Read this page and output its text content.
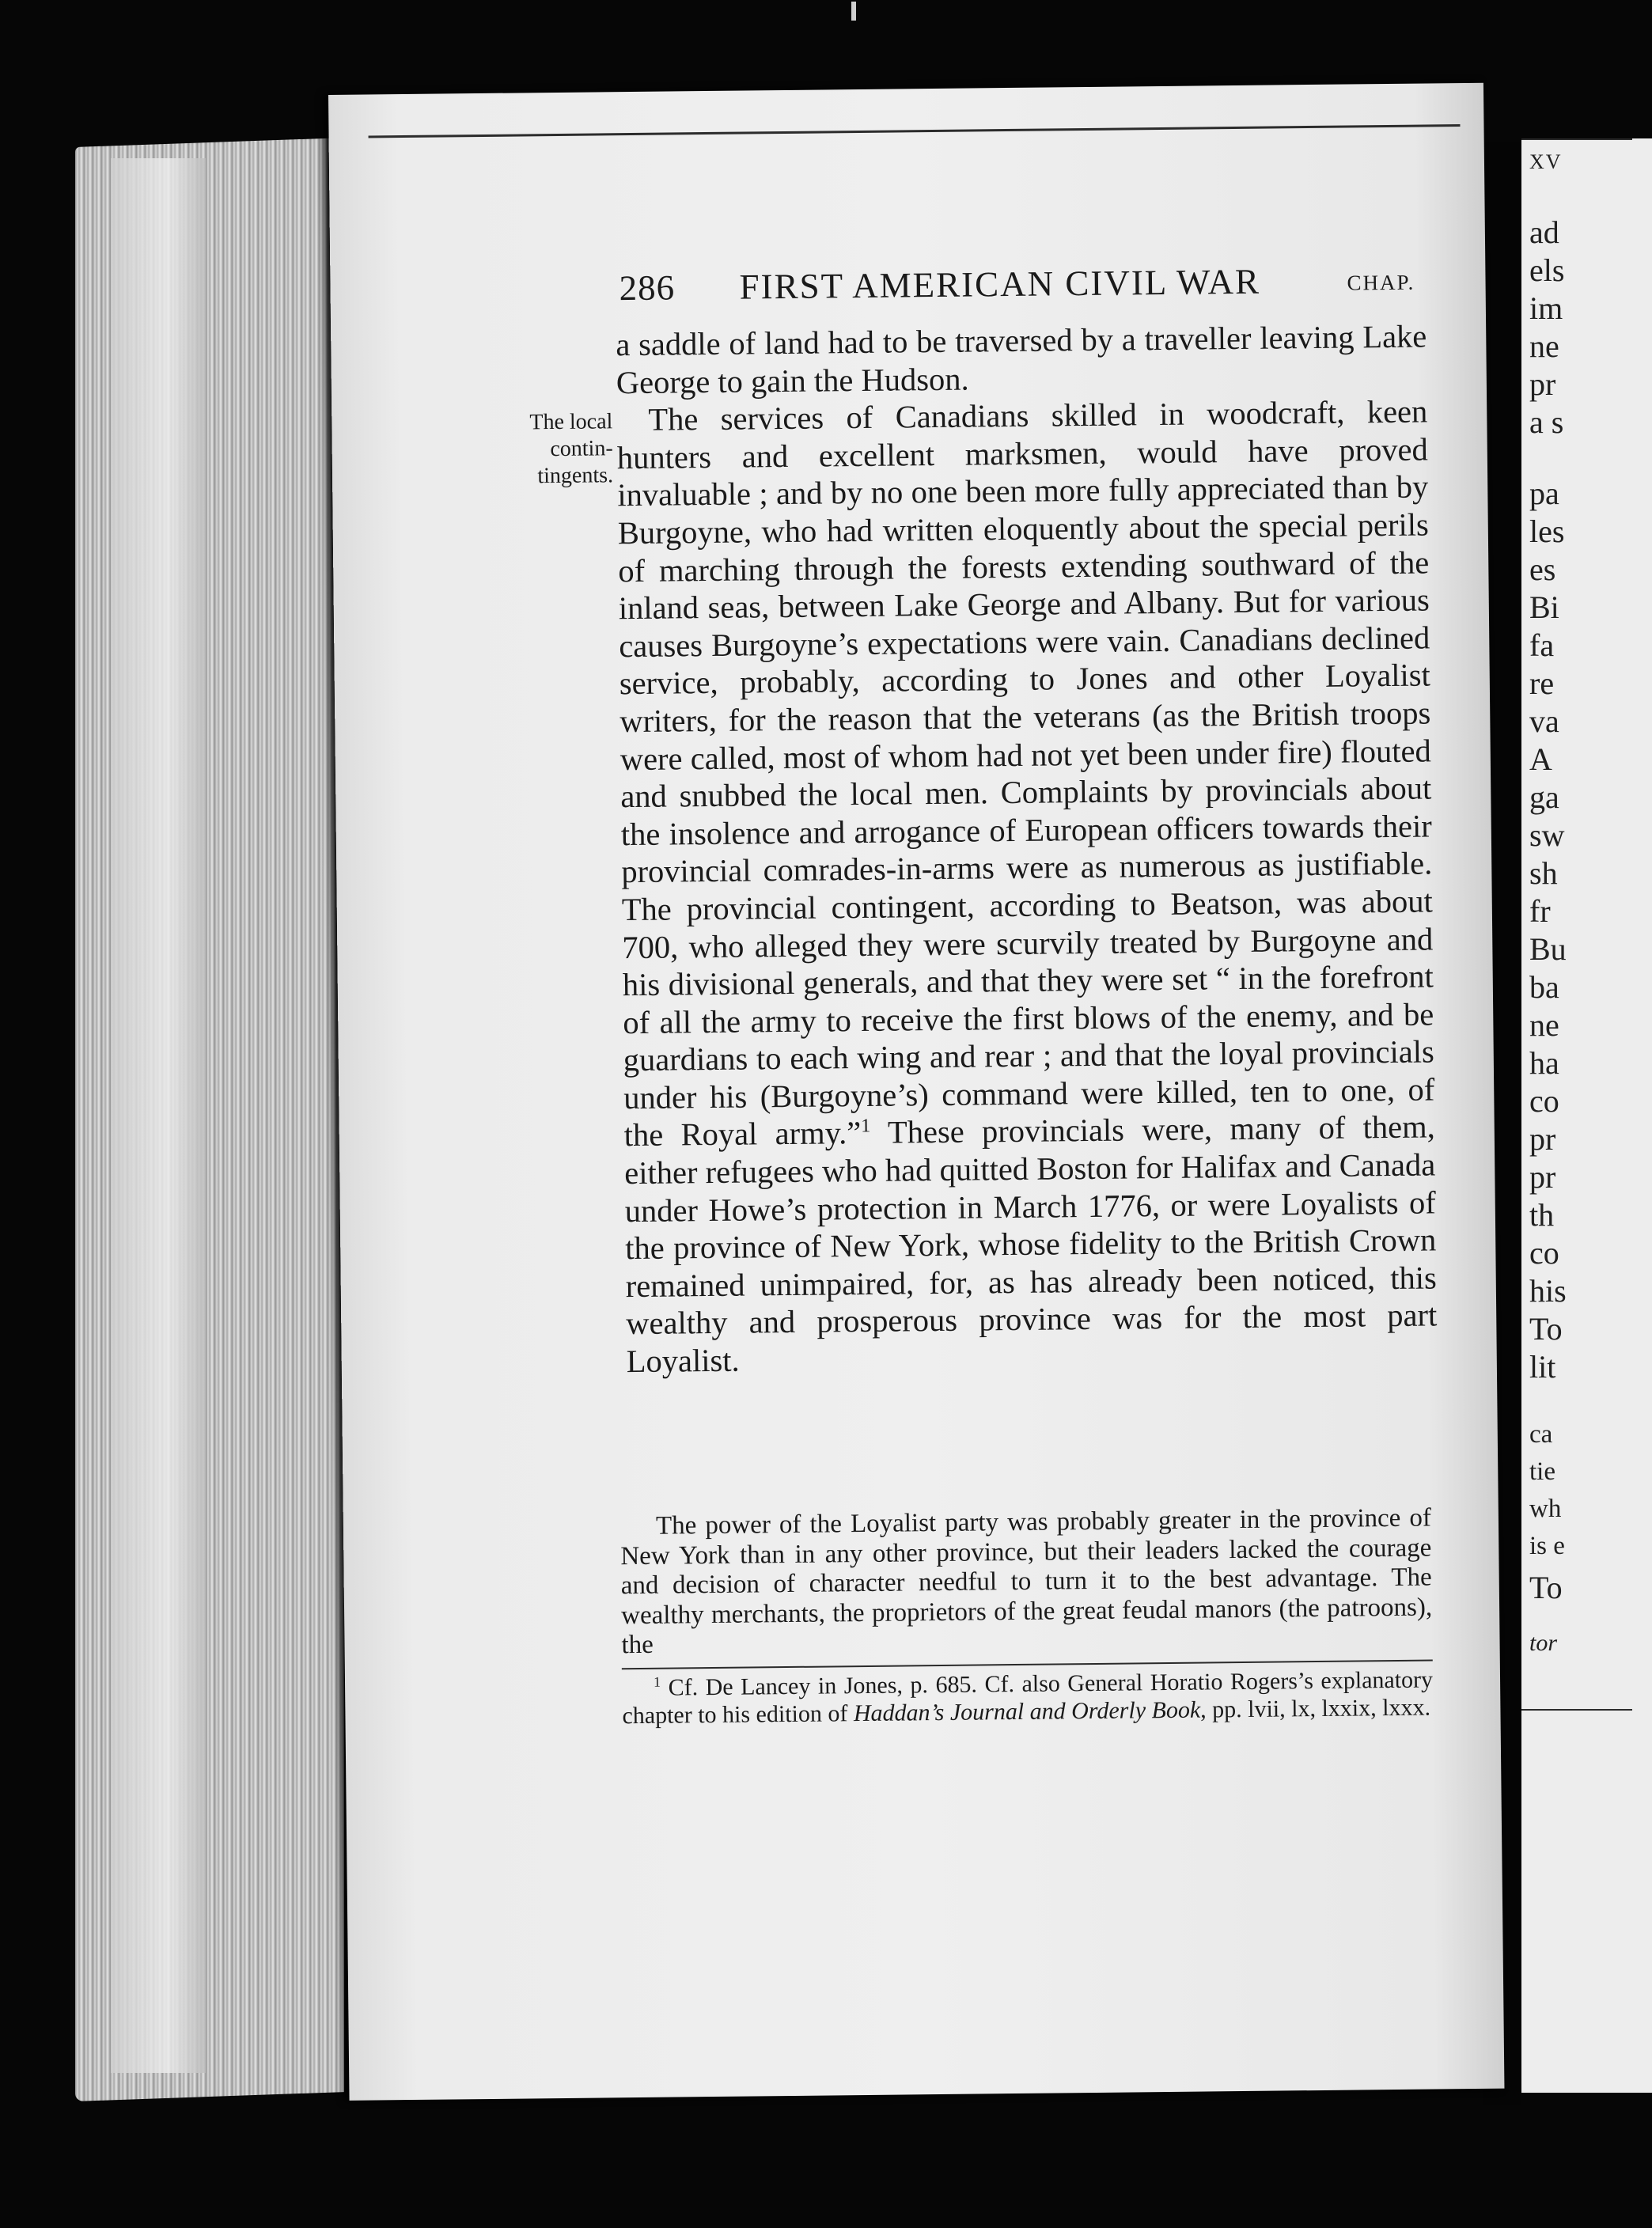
XV
ad
els
im
ne
pr
a s
pa
les
es
Bi
fa
re
va
A
ga
sw
sh
fr
Bu
ba
ne
ha
co
pr
pr
th
co
his
To
lit
ca
tie
wh
is e
To
tor
286 FIRST AMERICAN CIVIL WAR	CHAP.
The local
contin-
tingents.

a saddle of land had to be traversed by a traveller leaving Lake George to gain the Hudson.

The services of Canadians skilled in woodcraft, keen hunters and excellent marksmen, would have proved invaluable ; and by no one been more fully appreciated than by Burgoyne, who had written eloquently about the special perils of marching through the forests extending southward of the inland seas, between Lake George and Albany. But for various causes Burgoyne’s expectations were vain. Canadians declined service, probably, according to Jones and other Loyalist writers, for the reason that the veterans (as the British troops were called, most of whom had not yet been under fire) flouted and snubbed the local men. Complaints by provincials about the insolence and arrogance of European officers towards their provincial comrades-in-arms were as numerous as justifiable. The provincial contingent, according to Beatson, was about 700, who alleged they were scurvily treated by Burgoyne and his divisional generals, and that they were set “ in the forefront of all the army to receive the first blows of the enemy, and be guardians to each wing and rear ; and that the loyal provincials under his (Burgoyne’s) command were killed, ten to one, of the Royal army.”$^1$ These provincials were, many of them, either refugees who had quitted Boston for Halifax and Canada under Howe’s protection in March 1776, or were Loyalists of the province of New York, whose fidelity to the British Crown remained unimpaired, for, as has already been noticed, this wealthy and prosperous province was for the most part Loyalist.

The power of the Loyalist party was probably greater in the province of New York than in any other province, but their leaders lacked the courage and decision of character needful to turn it to the best advantage. The wealthy merchants, the proprietors of the great feudal manors (the patroons), the
$^1$ Cf. De Lancey in Jones, p. 685. Cf. also General Horatio Rogers’s explanatory chapter to his edition of Haddan’s Journal and Orderly Book, pp. lvii, lx, lxxix, lxxx.
